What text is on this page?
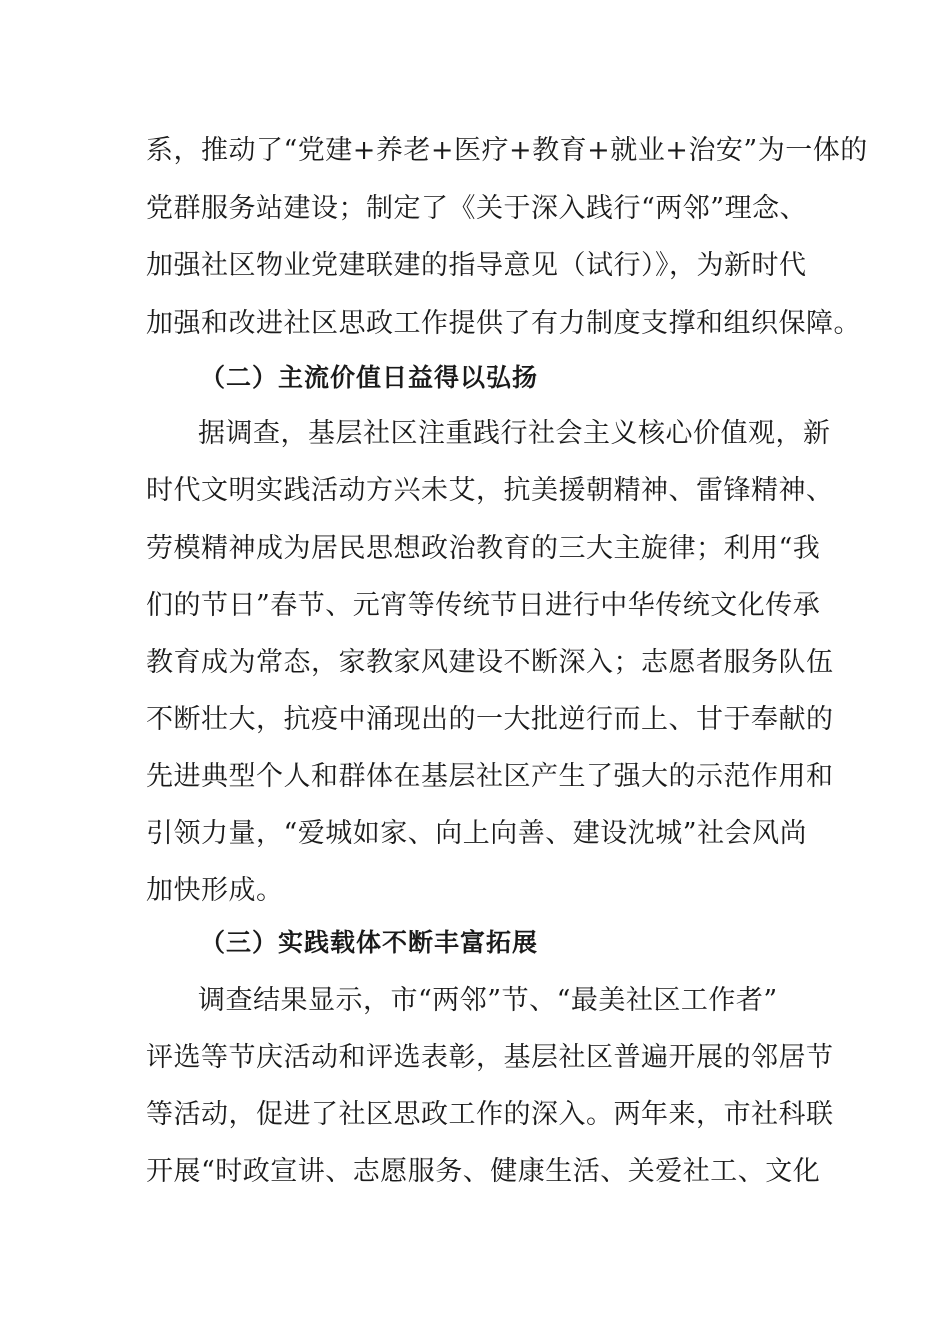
系，推动了“党建+养老+医疗+教育+就业+治安”为一体的
党群服务站建设；制定了《关于深入践行“两邻”理念、
加强社区物业党建联建的指导意见（试行）》，为新时代
加强和改进社区思政工作提供了有力制度支撑和组织保障。
（二）主流价值日益得以弘扬
据调查，基层社区注重践行社会主义核心价值观，新
时代文明实践活动方兴未艾，抗美援朝精神、雷锋精神、
劳模精神成为居民思想政治教育的三大主旋律；利用“我
们的节日”春节、元宵等传统节日进行中华传统文化传承
教育成为常态，家教家风建设不断深入；志愿者服务队伍
不断壮大，抗疫中涌现出的一大批逆行而上、甘于奉献的
先进典型个人和群体在基层社区产生了强大的示范作用和
引领力量，“爱城如家、向上向善、建设沈城”社会风尚
加快形成。
（三）实践载体不断丰富拓展
调查结果显示，市“两邻”节、“最美社区工作者”
评选等节庆活动和评选表彰，基层社区普遍开展的邻居节
等活动，促进了社区思政工作的深入。两年来，市社科联
开展“时政宣讲、志愿服务、健康生活、关爱社工、文化
